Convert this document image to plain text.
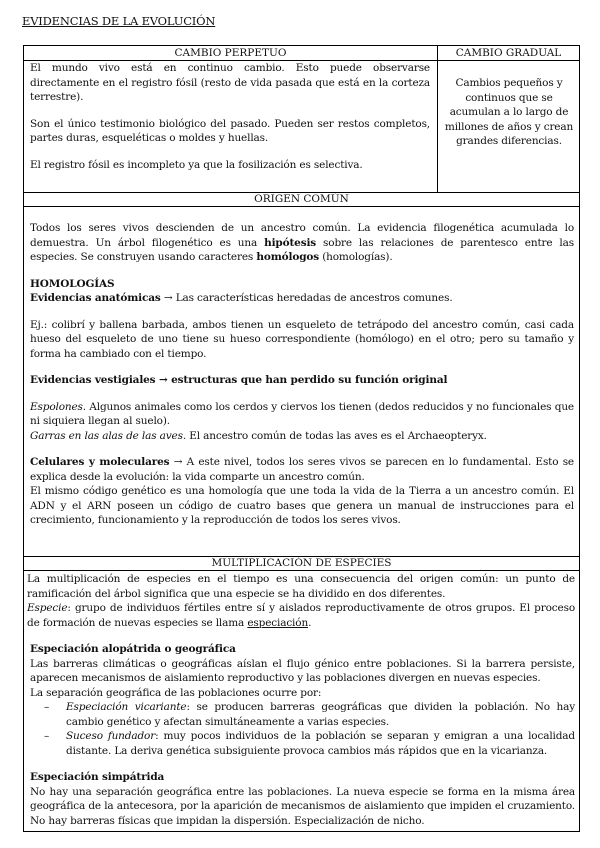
EVIDENCIAS DE LA EVOLUCIÓN
CAMBIO PERPETUO	CAMBIO GRADUAL

El mundo vivo está en continuo cambio. Esto puede observarse directamente en el registro fósil (resto de vida pasada que está en la corteza terrestre).

Son el único testimonio biológico del pasado. Pueden ser restos completos, partes duras, esqueléticas o moldes y huellas.

El registro fósil es incompleto ya que la fosilización es selectiva.

Cambios pequeños y continuos que se acumulan a lo largo de millones de años y crean grandes diferencias.
ORIGEN COMÚN

Todos los seres vivos descienden de un ancestro común. La evidencia filogenética acumulada lo demuestra. Un árbol filogenético es una hipótesis sobre las relaciones de parentesco entre las especies. Se construyen usando caracteres homólogos (homologías).

HOMOLOGÍAS

Evidencias anatómicas → Las características heredadas de ancestros comunes.

Ej.: colibrí y ballena barbada, ambos tienen un esqueleto de tetrápodo del ancestro común, casi cada hueso del esqueleto de uno tiene su hueso correspondiente (homólogo) en el otro; pero su tamaño y forma ha cambiado con el tiempo.

Evidencias vestigiales → estructuras que han perdido su función original

Espolones. Algunos animales como los cerdos y ciervos los tienen (dedos reducidos y no funcionales que ni siquiera llegan al suelo).

Garras en las alas de las aves. El ancestro común de todas las aves es el Archaeopteryx.

Celulares y moleculares → A este nivel, todos los seres vivos se parecen en lo fundamental. Esto se explica desde la evolución: la vida comparte un ancestro común.

El mismo código genético es una homología que une toda la vida de la Tierra a un ancestro común. El ADN y el ARN poseen un código de cuatro bases que genera un manual de instrucciones para el crecimiento, funcionamiento y la reproducción de todos los seres vivos.

MULTIPLICACIÓN DE ESPECIES

La multiplicación de especies en el tiempo es una consecuencia del origen común: un punto de ramificación del árbol significa que una especie se ha dividido en dos diferentes.

Especie: grupo de individuos fértiles entre sí y aislados reproductivamente de otros grupos. El proceso de formación de nuevas especies se llama especiación.

Especiación alopátrida o geográfica

Las barreras climáticas o geográficas aíslan el flujo génico entre poblaciones. Si la barrera persiste, aparecen mecanismos de aislamiento reproductivo y las poblaciones divergen en nuevas especies.

La separación geográfica de las poblaciones ocurre por:

– Especiación vicariante: se producen barreras geográficas que dividen la población. No hay cambio genético y afectan simultáneamente a varias especies.
– Suceso fundador: muy pocos individuos de la población se separan y emigran a una localidad distante. La deriva genética subsiguiente provoca cambios más rápidos que en la vicarianza.

Especiación simpátrida

No hay una separación geográfica entre las poblaciones. La nueva especie se forma en la misma área geográfica de la antecesora, por la aparición de mecanismos de aislamiento que impiden el cruzamiento. No hay barreras físicas que impidan la dispersión. Especialización de nicho.
